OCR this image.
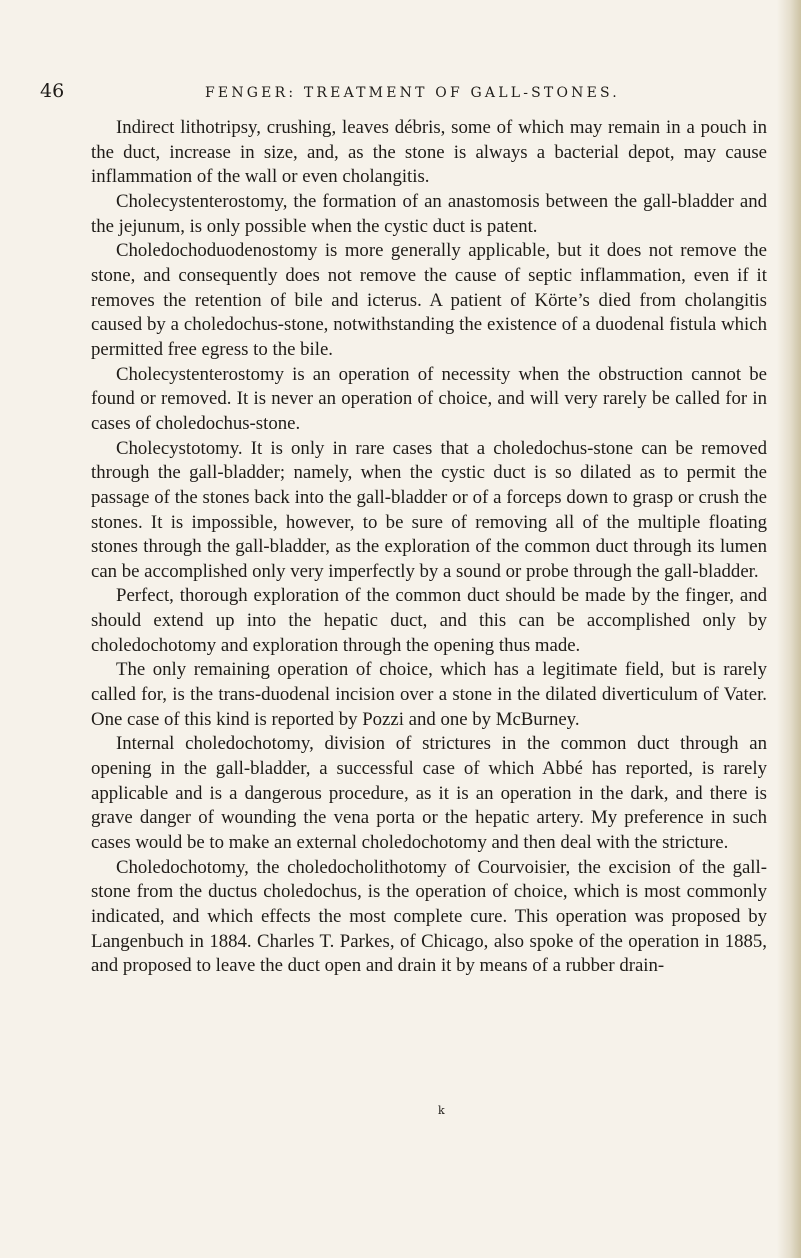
46	FENGER: TREATMENT OF GALL-STONES.

Indirect lithotripsy, crushing, leaves débris, some of which may remain in a pouch in the duct, increase in size, and, as the stone is always a bacterial depot, may cause inflammation of the wall or even cholangitis.

Cholecystenterostomy, the formation of an anastomosis between the gall-bladder and the jejunum, is only possible when the cystic duct is patent.

Choledochoduodenostomy is more generally applicable, but it does not remove the stone, and consequently does not remove the cause of septic inflammation, even if it removes the retention of bile and icterus. A patient of Körte’s died from cholangitis caused by a choledochus-stone, notwithstanding the existence of a duodenal fistula which permitted free egress to the bile.

Cholecystenterostomy is an operation of necessity when the obstruction cannot be found or removed. It is never an operation of choice, and will very rarely be called for in cases of choledochus-stone.

Cholecystotomy. It is only in rare cases that a choledochus-stone can be removed through the gall-bladder; namely, when the cystic duct is so dilated as to permit the passage of the stones back into the gall-bladder or of a forceps down to grasp or crush the stones. It is impossible, however, to be sure of removing all of the multiple floating stones through the gall-bladder, as the exploration of the common duct through its lumen can be accomplished only very imperfectly by a sound or probe through the gall-bladder.

Perfect, thorough exploration of the common duct should be made by the finger, and should extend up into the hepatic duct, and this can be accomplished only by choledochotomy and exploration through the opening thus made.

The only remaining operation of choice, which has a legitimate field, but is rarely called for, is the trans-duodenal incision over a stone in the dilated diverticulum of Vater. One case of this kind is reported by Pozzi and one by McBurney.

Internal choledochotomy, division of strictures in the common duct through an opening in the gall-bladder, a successful case of which Abbé has reported, is rarely applicable and is a dangerous procedure, as it is an operation in the dark, and there is grave danger of wounding the vena porta or the hepatic artery. My preference in such cases would be to make an external choledochotomy and then deal with the stricture.

Choledochotomy, the choledocholithotomy of Courvoisier, the excision of the gall-stone from the ductus choledochus, is the operation of choice, which is most commonly indicated, and which effects the most complete cure. This operation was proposed by Langenbuch in 1884. Charles T. Parkes, of Chicago, also spoke of the operation in 1885, and proposed to leave the duct open and drain it by means of a rubber drain-

k
